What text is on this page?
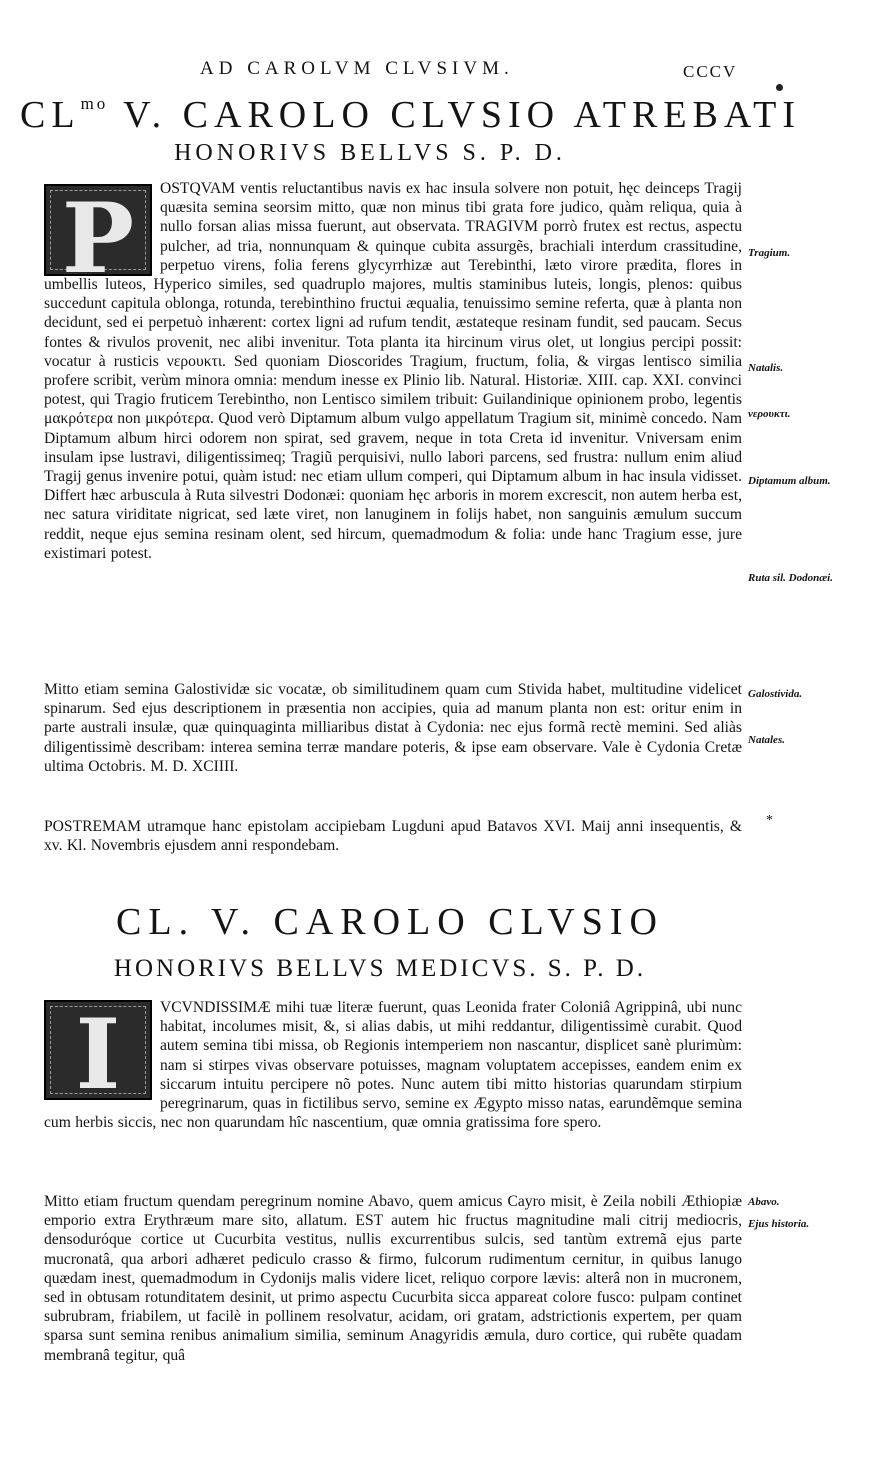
AD CAROLVM CLVSIVM.	CCCV
$CL^{mo}$ V. CAROLO CLVSIO ATREBATI
HONORIVS BELLVS S. P. D.
P	OSTQVAM ventis reluctantibus navis ex hac insula solvere non potuit, hęc deinceps Tragij quæsita semina seorsim mitto, quæ non minus tibi grata fore judico, quàm reliqua, quia à nullo forsan alias missa fuerunt, aut observata. TRAGIVM porrò frutex est rectus, aspectu pulcher, ad tria, nonnunquam & quinque cubita assurgẽs, brachiali interdum crassitudine, perpetuo virens, folia ferens glycyrrhizæ aut Terebinthi, læto virore prædita, flores in umbellis luteos, Hyperico similes, sed quadruplo majores, multis staminibus luteis, longis, plenos: quibus succedunt capitula oblonga, rotunda, terebinthino fructui æqualia, tenuissimo semine referta, quæ à planta non decidunt, sed ei perpetuò inhærent: cortex ligni ad rufum tendit, æstateque resinam fundit, sed paucam. Secus fontes & rivulos provenit, nec alibi invenitur. Tota planta ita hircinum virus olet, ut longius percipi possit: vocatur à rusticis νερουκτι. Sed quoniam Dioscorides Tragium, fructum, folia, & virgas lentisco similia profere scribit, verùm minora omnia: mendum inesse ex Plinio lib. Natural. Historiæ. XIII. cap. XXI. convinci potest, qui Tragio fruticem Terebintho, non Lentisco similem tribuit: Guilandinique opinionem probo, legentis μακρότερα non μικρότερα. Quod verò Diptamum album vulgo appellatum Tragium sit, minimè concedo. Nam Diptamum album hirci odorem non spirat, sed gravem, neque in tota Creta id invenitur. Vniversam enim insulam ipse lustravi, diligentissimeq; Tragiũ perquisivi, nullo labori parcens, sed frustra: nullum enim aliud Tragij genus invenire potui, quàm istud: nec etiam ullum comperi, qui Diptamum album in hac insula vidisset. Differt hæc arbuscula à Ruta silvestri Dodonæi: quoniam hęc arboris in morem excrescit, non autem herba est, nec satura viriditate nigricat, sed læte viret, non lanuginem in folijs habet, non sanguinis æmulum succum reddit, neque ejus semina resinam olent, sed hircum, quemadmodum & folia: unde hanc Tragium esse, jure existimari potest.

Mitto etiam semina Galostividæ sic vocatæ, ob similitudinem quam cum Stivida habet, multitudine videlicet spinarum. Sed ejus descriptionem in præsentia non accipies, quia ad manum planta non est: oritur enim in parte australi insulæ, quæ quinquaginta milliaribus distat à Cydonia: nec ejus formã rectè memini. Sed aliàs diligentissimè describam: interea semina terræ mandare poteris, & ipse eam observare. Vale è Cydonia Cretæ ultima Octobris. M. D. XCIIII.

POSTREMAM utramque hanc epistolam accipiebam Lugduni apud Batavos XVI. Maij anni insequentis, & xv. Kl. Novembris ejusdem anni respondebam.

CL. V. CAROLO CLVSIO
HONORIVS BELLVS MEDICVS. S. P. D.
I	VCVNDISSIMÆ mihi tuæ literæ fuerunt, quas Leonida frater Coloniâ Agrippinâ, ubi nunc habitat, incolumes misit, &, si alias dabis, ut mihi reddantur, diligentissimè curabit. Quod autem semina tibi missa, ob Regionis intemperiem non nascantur, displicet sanè plurimùm: nam si stirpes vivas observare potuisses, magnam voluptatem accepisses, eandem enim ex siccarum intuitu percipere nõ potes. Nunc autem tibi mitto historias quarundam stirpium peregrinarum, quas in fictilibus servo, semine ex Ægypto misso natas, earundẽmque semina cum herbis siccis, nec non quarundam hîc nascentium, quæ omnia gratissima fore spero.

Mitto etiam fructum quendam peregrinum nomine Abavo, quem amicus Cayro misit, è Zeila nobili Æthiopiæ emporio extra Erythræum mare sito, allatum. EST autem hic fructus magnitudine mali citrij mediocris, densoduróque cortice ut Cucurbita vestitus, nullis excurrentibus sulcis, sed tantùm extremã ejus parte mucronatâ, qua arbori adhæret pediculo crasso & firmo, fulcorum rudimentum cernitur, in quibus lanugo quædam inest, quemadmodum in Cydonijs malis videre licet, reliquo corpore lævis: alterâ non in mucronem, sed in obtusam rotunditatem desinit, ut primo aspectu Cucurbita sicca appareat colore fusco: pulpam continet subrubram, friabilem, ut facilè in pollinem resolvatur, acidam, ori gratam, adstrictionis expertem, per quam sparsa sunt semina renibus animalium similia, seminum Anagyridis æmula, duro cortice, qui rubẽte quadam membranâ tegitur, quâ

Tragium.
Natalis.
νερουκτι.
Diptamum album.
Ruta sil. Dodonæi.
Galostivida.
Natales.
*
Abavo.
Ejus historia.
